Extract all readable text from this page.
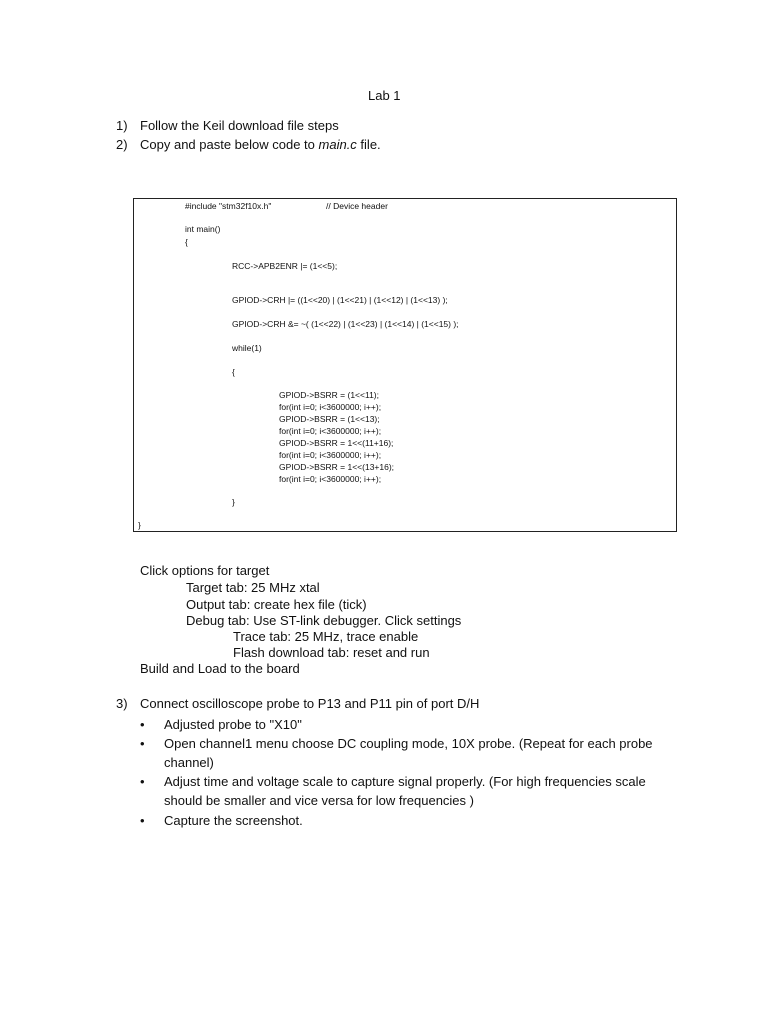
Lab 1
1) Follow the Keil download file steps
2) Copy and paste below code to main.c file.
#include "stm32f10x.h"	// Device header
int main()
{
RCC->APB2ENR |= (1<<5);
GPIOD->CRH |= ((1<<20) | (1<<21) | (1<<12) | (1<<13) );
GPIOD->CRH &= ~( (1<<22) | (1<<23) | (1<<14) | (1<<15) );
while(1)
{
GPIOD->BSRR = (1<<11);
for(int i=0; i<3600000; i++);
GPIOD->BSRR = (1<<13);
for(int i=0; i<3600000; i++);
GPIOD->BSRR = 1<<(11+16);
for(int i=0; i<3600000; i++);
GPIOD->BSRR = 1<<(13+16);
for(int i=0; i<3600000; i++);
}
}
Click options for target
Target tab: 25 MHz xtal
Output tab: create hex file (tick)
Debug tab: Use ST-link debugger. Click settings
Trace tab: 25 MHz, trace enable
Flash download tab: reset and run
Build and Load to the board
3) Connect oscilloscope probe to P13 and P11 pin of port D/H
• Adjusted probe to "X10"
• Open channel1 menu choose DC coupling mode, 10X probe. (Repeat for each probe
channel)
• Adjust time and voltage scale to capture signal properly. (For high frequencies scale
should be smaller and vice versa for low frequencies )
• Capture the screenshot.
